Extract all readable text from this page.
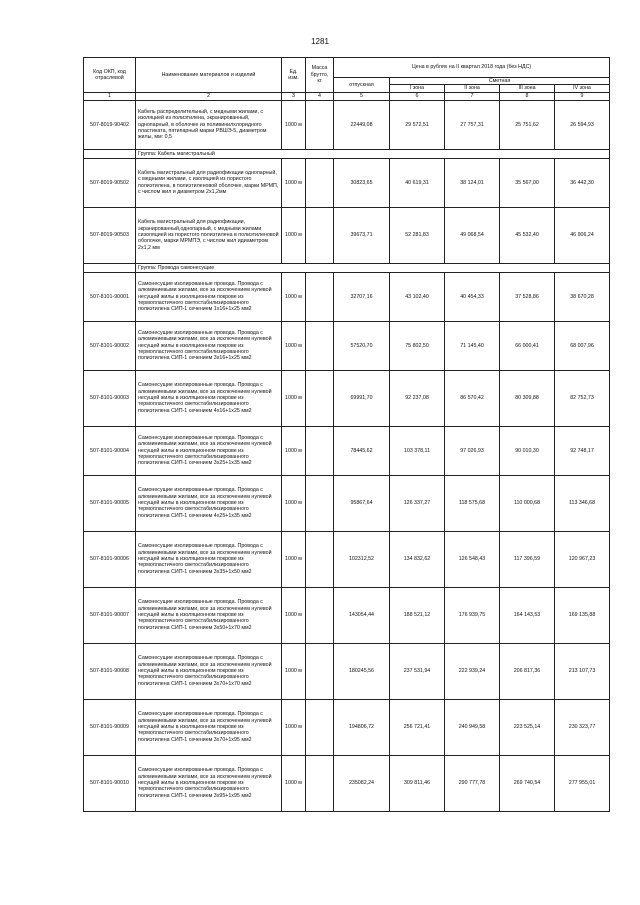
1281
Код ОКП, код отраслевой	Наименование материалов и изделий	Ед. изм.	Масса брутто, кг	Цена в рублях на II квартал 2018 года (без НДС)				
				отпускная	Сметная			
					I зона	II зона	III зона	IV зона
1	2	3	4	5	6	7	8	9
507-8019-90402	Кабель распределительный, с медными жилами, с изоляцией из полиэтилена, экранированный, однопарный, в оболочке из поливинилхлоридного пластиката, пятипарный марки РВШЭ-5, диаметром жилы, мм: 0,5	1000 м		22449,08	29 572,51	27 757,31	25 751,62	26 594,93
	Группа: Кабель магистральный							
507-8019-90502	Кабель магистральный для радиофикации однопарный, с медными жилами, с изоляцией из пористого полиэтилена, в полиэтиленовой оболочке, марки МРМП, с числом жил и диаметром 2х1,2мм	1000 м		30823,65	40 619,31	38 124,01	35 567,00	36 442,30
507-8019-90503	Кабель магистральный для радиофикации, экранированный,однопарный, с медными жилами сизоляцией из пористого полиэтилена в полиэтиленовой оболочке, марки МРМПЭ, с числом жил идиаметром 2х1,2 мм	1000 м		39673,71	52 281,83	49 068,54	45 532,40	46 906,24
	Группа: Провода самонесущие							
507-8101-90001	Самонесущие изолированные провода. Провода с алюминиевыми жилами, все за исключением нулевой несущей жилы в изоляционном покрове из термопластичного светостабилизированного полиэтилена СИП-1 сечением 1х16+1х25 мм2	1000 м		32707,16	43 102,40	40 454,33	37 528,86	38 670,28
507-8101-90002	Самонесущие изолированные провода. Провода с алюминиевыми жилами, все за исключением нулевой несущей жилы в изоляционном покрове из термопластичного светостабилизированного полиэтилена СИП-1 сечением 3х16+1х25 мм2	1000 м		57520,70	75 802,50	71 145,40	66 000,41	68 007,96
507-8101-90003	Самонесущие изолированные провода. Провода с алюминиевыми жилами, все за исключением нулевой несущей жилы в изоляционном покрове из термопластичного светостабилизированного полиэтилена СИП-1 сечением 4х16+1х25 мм2	1000 м		69991,70	92 237,08	86 570,42	80 309,88	82 752,73
507-8101-90004	Самонесущие изолированные провода. Провода с алюминиевыми жилами, все за исключением нулевой несущей жилы в изоляционном покрове из термопластичного светостабилизированного полиэтилена СИП-1 сечением 3х25+1х35 мм2	1000 м		78445,62	103 378,11	97 026,93	90 010,30	92 748,17
507-8101-90005	Самонесущие изолированные провода. Провода с алюминиевыми жилами, все за исключением нулевой несущей жилы в изоляционном покрове из термопластичного светостабилизированного полиэтилена СИП-1 сечением 4х25+1х35 мм2	1000 м		95867,64	126 337,27	118 575,68	110 000,68	113 346,68
507-8101-90006	Самонесущие изолированные провода. Провода с алюминиевыми жилами, все за исключением нулевой несущей жилы в изоляционном покрове из термопластичного светостабилизированного полиэтилена СИП-1 сечением 3х35+1х50 мм2	1000 м		102312,52	134 832,62	126 548,43	117 396,59	120 967,23
507-8101-90007	Самонесущие изолированные провода. Провода с алюминиевыми жилами, все за исключением нулевой несущей жилы в изоляционном покрове из термопластичного светостабилизированного полиэтилена СИП-1 сечением 3х50+1х70 мм2	1000 м		143054,44	188 521,12	176 939,75	164 143,53	169 135,88
507-8101-90008	Самонесущие изолированные провода. Провода с алюминиевыми жилами, все за исключением нулевой несущей жилы в изоляционном покрове из термопластичного светостабилизированного полиэтилена СИП-1 сечением 3х70+1х70 мм2	1000 м		180245,56	237 531,94	222 939,24	206 817,36	213 107,73
507-8101-90009	Самонесущие изолированные провода. Провода с алюминиевыми жилами, все за исключением нулевой несущей жилы в изоляционном покрове из термопластичного светостабилизированного полиэтилена СИП-1 сечением 3х70+1х95 мм2	1000 м		194806,72	256 721,41	240 949,58	223 525,14	230 323,77
507-8101-90010	Самонесущие изолированные провода. Провода с алюминиевыми жилами, все за исключением нулевой несущей жилы в изоляционном покрове из термопластичного светостабилизированного полиэтилена СИП-1 сечением 3х95+1х95 мм2	1000 м		235082,24	309 811,46	290 777,78	269 740,54	277 955,01
